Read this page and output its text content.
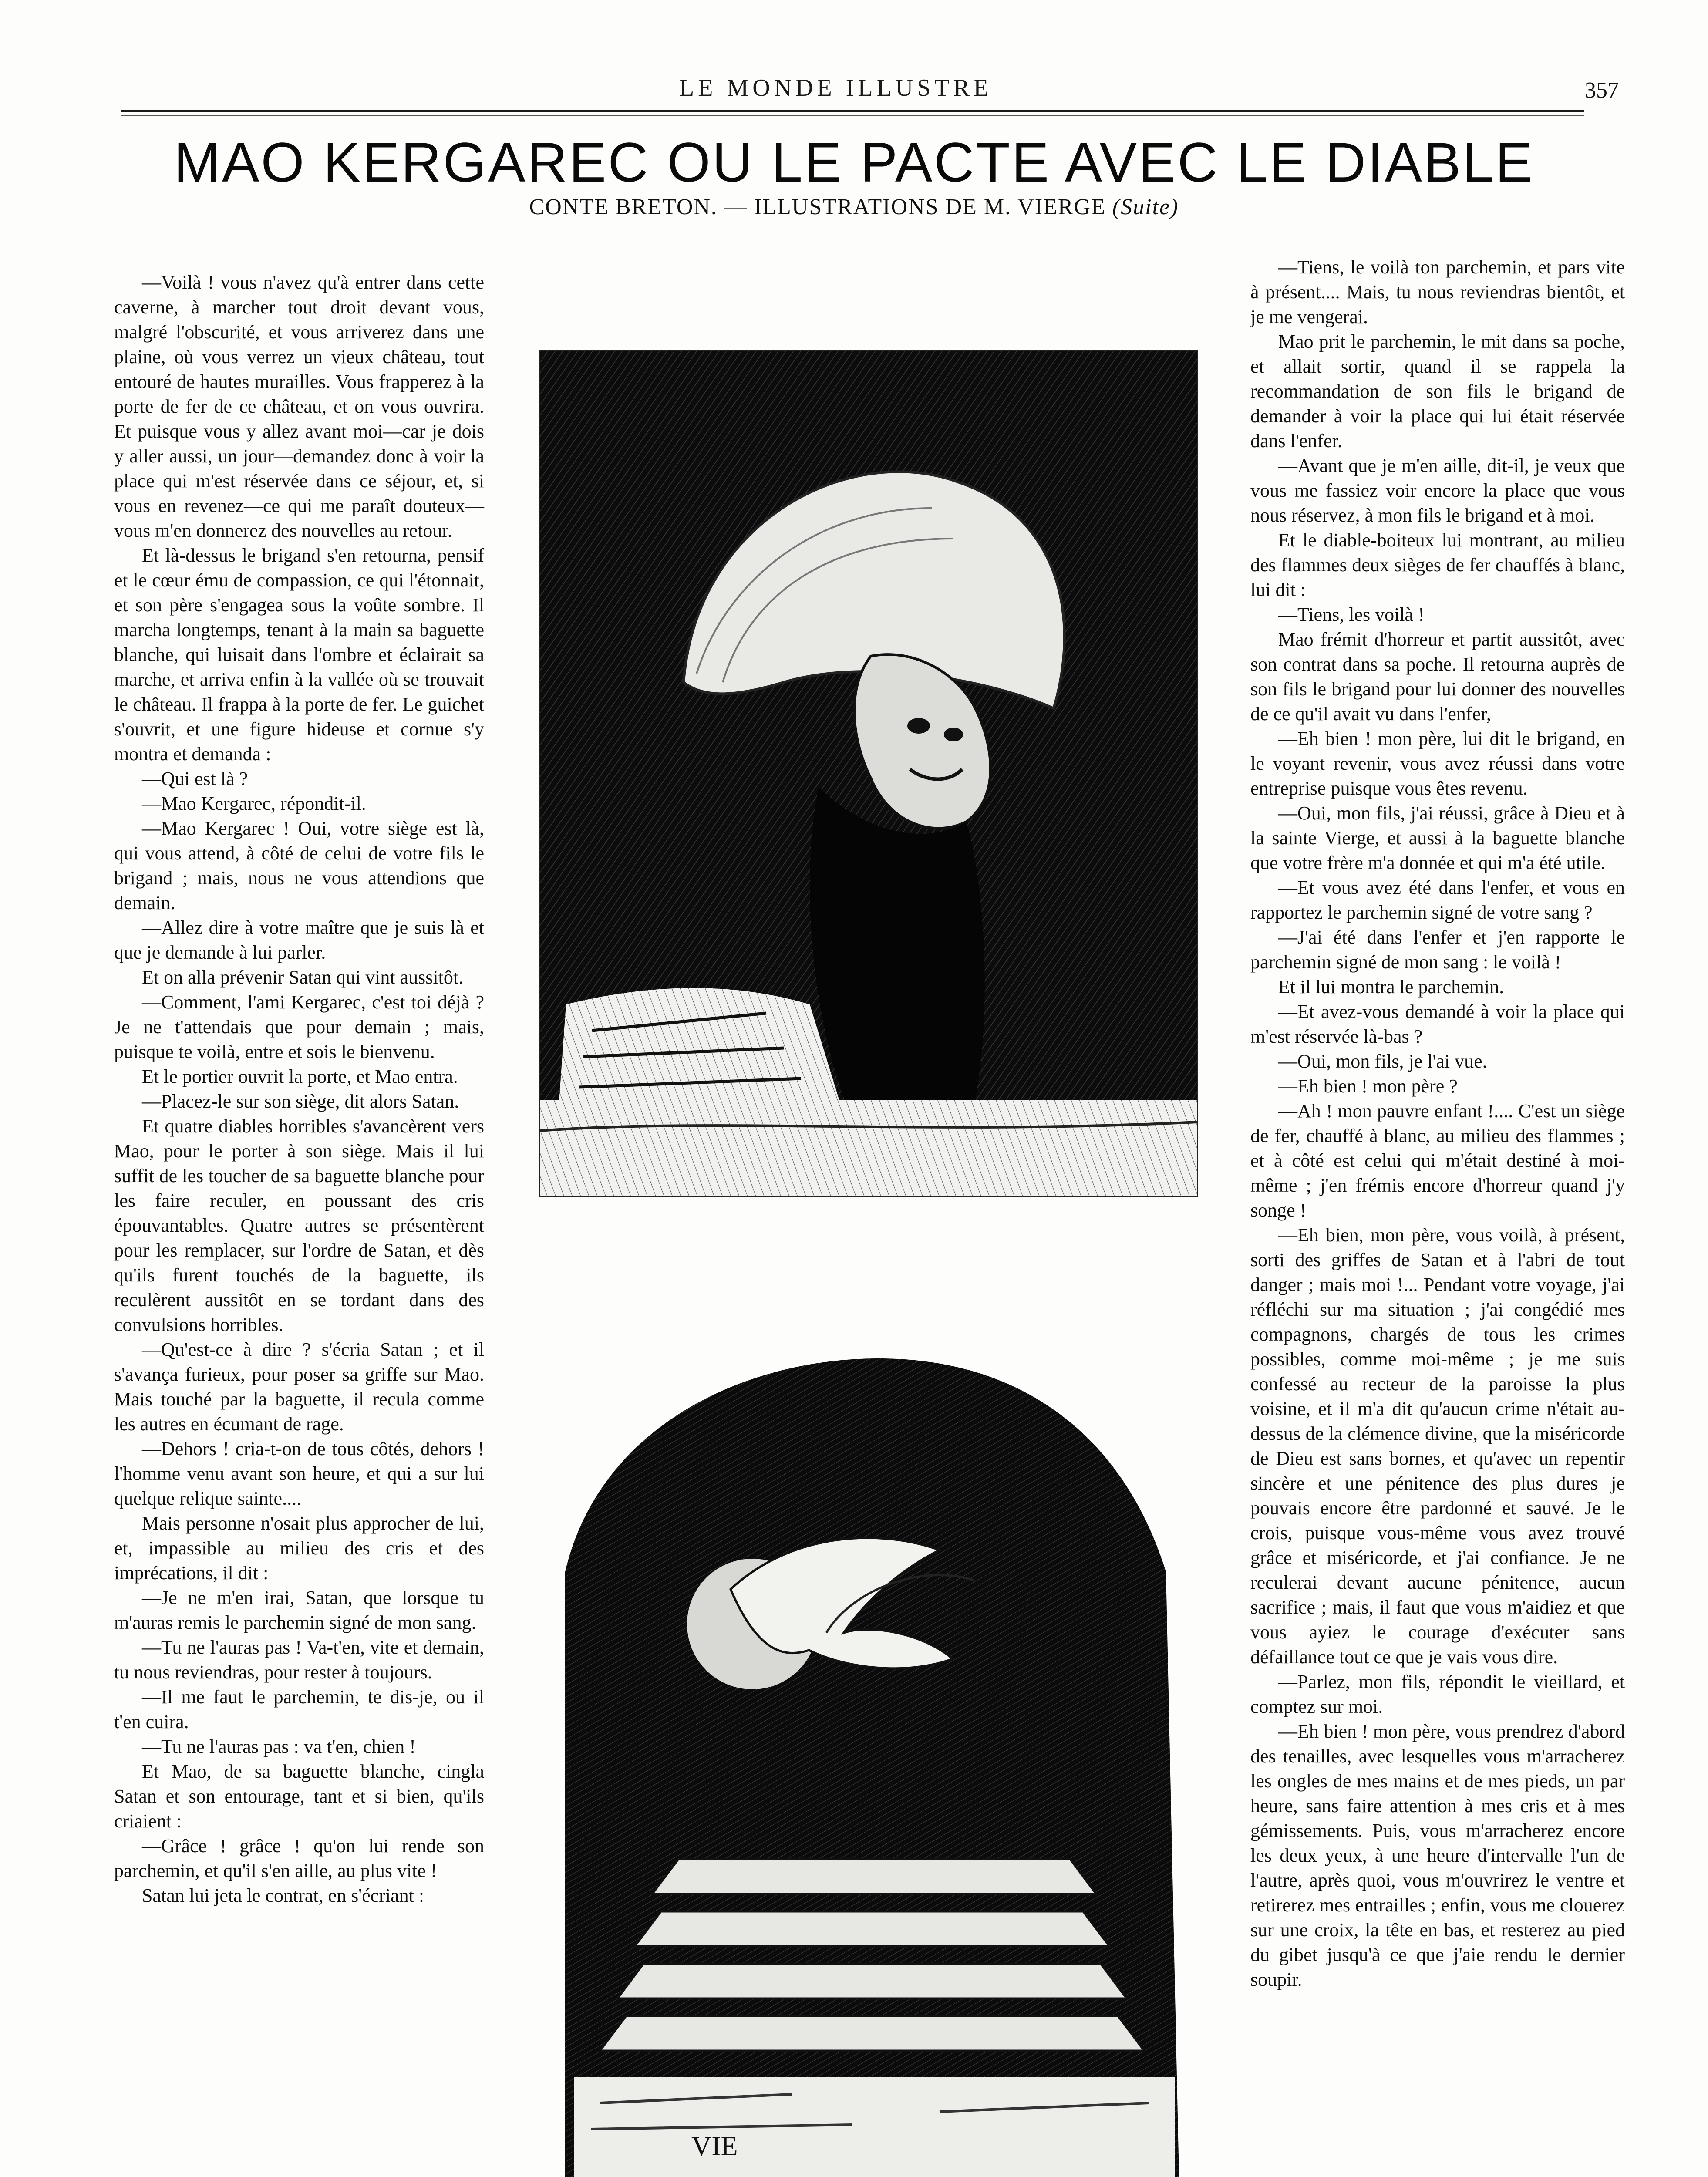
LE MONDE ILLUSTRE	357
MAO KERGAREC OU LE PACTE AVEC LE DIABLE
CONTE BRETON. — ILLUSTRATIONS DE M. VIERGE (Suite)

—Voilà ! vous n'avez qu'à entrer dans cette caverne, à marcher tout droit devant vous, malgré l'obscurité, et vous arriverez dans une plaine, où vous verrez un vieux château, tout entouré de hautes murailles. Vous frapperez à la porte de fer de ce château, et on vous ouvrira. Et puisque vous y allez avant moi—car je dois y aller aussi, un jour—demandez donc à voir la place qui m'est réservée dans ce séjour, et, si vous en revenez—ce qui me paraît douteux—vous m'en donnerez des nouvelles au retour.

Et là-dessus le brigand s'en retourna, pensif et le cœur ému de compassion, ce qui l'étonnait, et son père s'engagea sous la voûte sombre. Il marcha longtemps, tenant à la main sa baguette blanche, qui luisait dans l'ombre et éclairait sa marche, et arriva enfin à la vallée où se trouvait le château. Il frappa à la porte de fer. Le guichet s'ouvrit, et une figure hideuse et cornue s'y montra et demanda :

—Qui est là ?

—Mao Kergarec, répondit-il.

—Mao Kergarec ! Oui, votre siège est là, qui vous attend, à côté de celui de votre fils le brigand ; mais, nous ne vous attendions que demain.

—Allez dire à votre maître que je suis là et que je demande à lui parler.

Et on alla prévenir Satan qui vint aussitôt.

—Comment, l'ami Kergarec, c'est toi déjà ? Je ne t'attendais que pour demain ; mais, puisque te voilà, entre et sois le bienvenu.

Et le portier ouvrit la porte, et Mao entra.

—Placez-le sur son siège, dit alors Satan.

Et quatre diables horribles s'avancèrent vers Mao, pour le porter à son siège. Mais il lui suffit de les toucher de sa baguette blanche pour les faire reculer, en poussant des cris épouvantables. Quatre autres se présentèrent pour les remplacer, sur l'ordre de Satan, et dès qu'ils furent touchés de la baguette, ils reculèrent aussitôt en se tordant dans des convulsions horribles.

—Qu'est-ce à dire ? s'écria Satan ; et il s'avança furieux, pour poser sa griffe sur Mao. Mais touché par la baguette, il recula comme les autres en écumant de rage.

—Dehors ! cria-t-on de tous côtés, dehors ! l'homme venu avant son heure, et qui a sur lui quelque relique sainte....

Mais personne n'osait plus approcher de lui, et, impassible au milieu des cris et des imprécations, il dit :

—Je ne m'en irai, Satan, que lorsque tu m'auras remis le parchemin signé de mon sang.

—Tu ne l'auras pas ! Va-t'en, vite et demain, tu nous reviendras, pour rester à toujours.

—Il me faut le parchemin, te dis-je, ou il t'en cuira.

—Tu ne l'auras pas : va t'en, chien !

Et Mao, de sa baguette blanche, cingla Satan et son entourage, tant et si bien, qu'ils criaient :

—Grâce ! grâce ! qu'on lui rende son parchemin, et qu'il s'en aille, au plus vite !

Satan lui jeta le contrat, en s'écriant :

—Tiens, le voilà ton parchemin, et pars vite à présent.... Mais, tu nous reviendras bientôt, et je me vengerai.

Mao prit le parchemin, le mit dans sa poche, et allait sortir, quand il se rappela la recommandation de son fils le brigand de demander à voir la place qui lui était réservée dans l'enfer.

—Avant que je m'en aille, dit-il, je veux que vous me fassiez voir encore la place que vous nous réservez, à mon fils le brigand et à moi.

Et le diable-boiteux lui montrant, au milieu des flammes deux sièges de fer chauffés à blanc, lui dit :

—Tiens, les voilà !

Mao frémit d'horreur et partit aussitôt, avec son contrat dans sa poche. Il retourna auprès de son fils le brigand pour lui donner des nouvelles de ce qu'il avait vu dans l'enfer,

—Eh bien ! mon père, lui dit le brigand, en le voyant revenir, vous avez réussi dans votre entreprise puisque vous êtes revenu.

—Oui, mon fils, j'ai réussi, grâce à Dieu et à la sainte Vierge, et aussi à la baguette blanche que votre frère m'a donnée et qui m'a été utile.

—Et vous avez été dans l'enfer, et vous en rapportez le parchemin signé de votre sang ?

—J'ai été dans l'enfer et j'en rapporte le parchemin signé de mon sang : le voilà !

Et il lui montra le parchemin.

—Et avez-vous demandé à voir la place qui m'est réservée là-bas ?

—Oui, mon fils, je l'ai vue.

—Eh bien ! mon père ?

—Ah ! mon pauvre enfant !.... C'est un siège de fer, chauffé à blanc, au milieu des flammes ; et à côté est celui qui m'était destiné à moi-même ; j'en frémis encore d'horreur quand j'y songe !

—Eh bien, mon père, vous voilà, à présent, sorti des griffes de Satan et à l'abri de tout danger ; mais moi !... Pendant votre voyage, j'ai réfléchi sur ma situation ; j'ai congédié mes compagnons, chargés de tous les crimes possibles, comme moi-même ; je me suis confessé au recteur de la paroisse la plus voisine, et il m'a dit qu'aucun crime n'était au-dessus de la clémence divine, que la miséricorde de Dieu est sans bornes, et qu'avec un repentir sincère et une pénitence des plus dures je pouvais encore être pardonné et sauvé. Je le crois, puisque vous-même vous avez trouvé grâce et miséricorde, et j'ai confiance. Je ne reculerai devant aucune pénitence, aucun sacrifice ; mais, il faut que vous m'aidiez et que vous ayiez le courage d'exécuter sans défaillance tout ce que je vais vous dire.

—Parlez, mon fils, répondit le vieillard, et comptez sur moi.

—Eh bien ! mon père, vous prendrez d'abord des tenailles, avec lesquelles vous m'arracherez les ongles de mes mains et de mes pieds, un par heure, sans faire attention à mes cris et à mes gémissements. Puis, vous m'arracherez encore les deux yeux, à une heure d'intervalle l'un de l'autre, après quoi, vous m'ouvrirez le ventre et retirerez mes entrailles ; enfin, vous me clouerez sur une croix, la tête en bas, et resterez au pied du gibet jusqu'à ce que j'aie rendu le dernier soupir.

VIE
